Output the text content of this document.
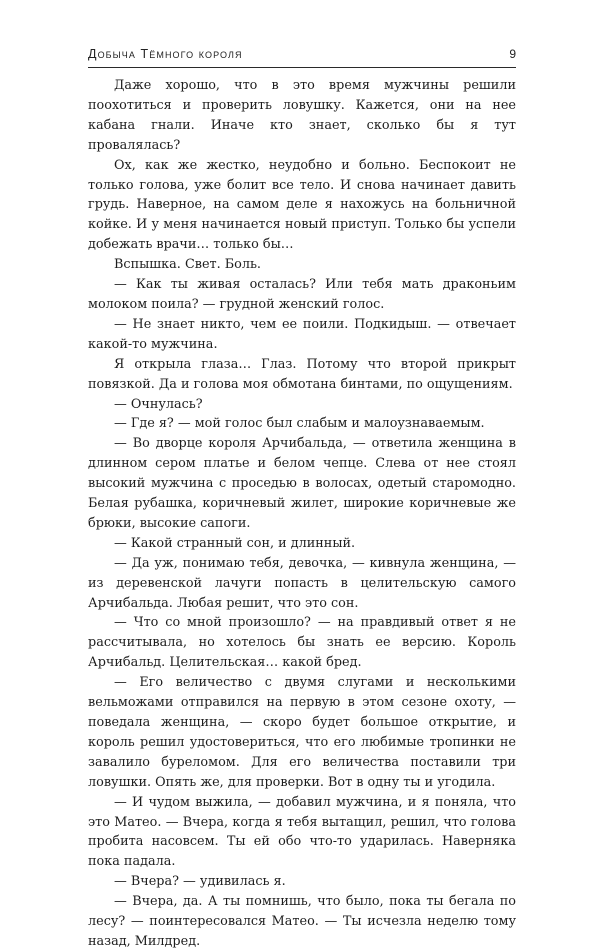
Добыча Тёмного короля	9

Даже хорошо, что в это время мужчины решили поохотиться и проверить ловушку. Кажется, они на нее кабана гнали. Иначе кто знает, сколько бы я тут провалялась?

Ох, как же жестко, неудобно и больно. Беспокоит не только голова, уже болит все тело. И снова начинает давить грудь. Наверное, на самом деле я нахожусь на больничной койке. И у меня начинается новый приступ. Только бы успели добежать врачи… только бы…

Вспышка. Свет. Боль.

— Как ты живая осталась? Или тебя мать драконьим молоком поила? — грудной женский голос.

— Не знает никто, чем ее поили. Подкидыш. — отвечает какой-то мужчина.

Я открыла глаза… Глаз. Потому что второй прикрыт повязкой. Да и голова моя обмотана бинтами, по ощущениям.

— Очнулась?

— Где я? — мой голос был слабым и малоузнаваемым.

— Во дворце короля Арчибальда, — ответила женщина в длинном сером платье и белом чепце. Слева от нее стоял высокий мужчина с проседью в волосах, одетый старомодно. Белая рубашка, коричневый жилет, широкие коричневые же брюки, высокие сапоги.

— Какой странный сон, и длинный.

— Да уж, понимаю тебя, девочка, — кивнула женщина, — из деревенской лачуги попасть в целительскую самого Арчибальда. Любая решит, что это сон.

— Что со мной произошло? — на правдивый ответ я не рассчитывала, но хотелось бы знать ее версию. Король Арчибальд. Целительская… какой бред.

— Его величество с двумя слугами и несколькими вельможами отправился на первую в этом сезоне охоту, — поведала женщина, — скоро будет большое открытие, и король решил удостовериться, что его любимые тропинки не завалило буреломом. Для его величества поставили три ловушки. Опять же, для проверки. Вот в одну ты и угодила.

— И чудом выжила, — добавил мужчина, и я поняла, что это Матео. — Вчера, когда я тебя вытащил, решил, что голова пробита насовсем. Ты ей обо что-то ударилась. Наверняка пока падала.

— Вчера? — удивилась я.

— Вчера, да. А ты помнишь, что было, пока ты бегала по лесу? — поинтересовался Матео. — Ты исчезла неделю тому назад, Милдред.
